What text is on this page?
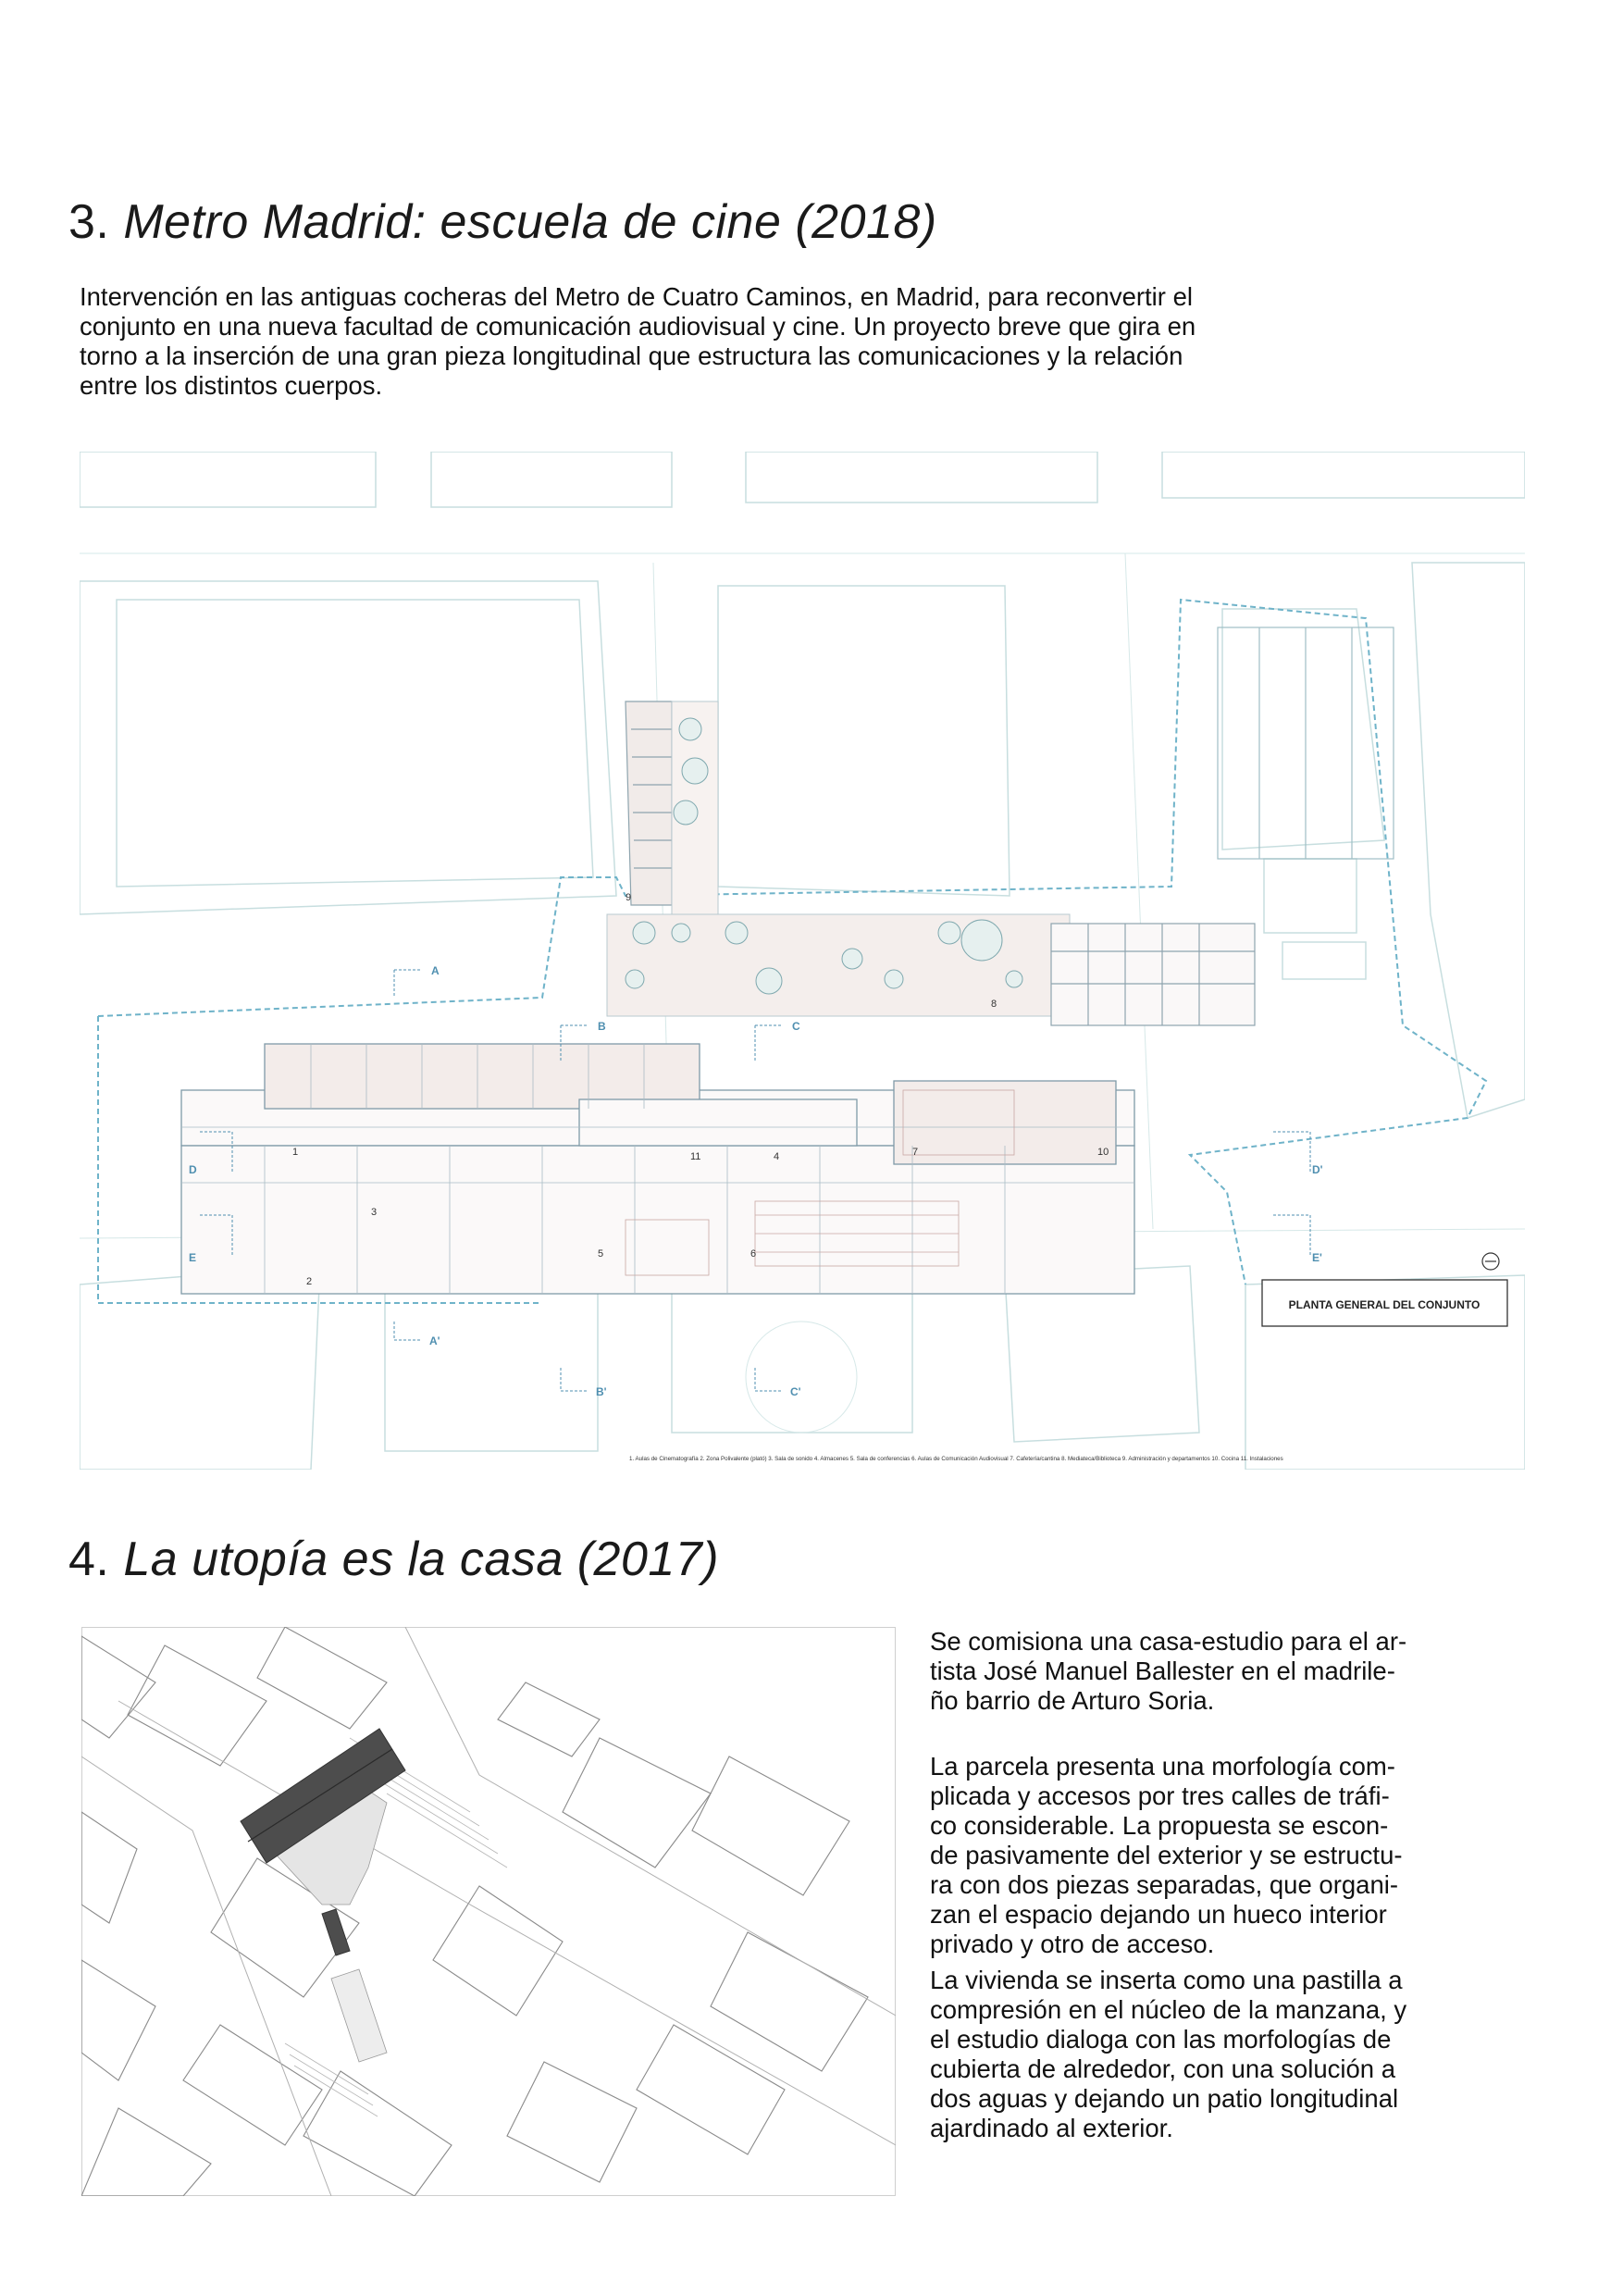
3. Metro Madrid: escuela de cine (2018)
Intervención en las antiguas cocheras del Metro de Cuatro Caminos, en Madrid, para reconvertir el
conjunto en una nueva facultad de comunicación audiovisual y cine. Un proyecto breve que gira en
torno a la inserción de una gran pieza longitudinal que estructura las comunicaciones y la relación
entre los distintos cuerpos.
1
2
3
4
5	6
7
8
9
10
11
A
B	C
D
E
A'
B'	C'
D'
E'
PLANTA GENERAL DEL CONJUNTO
1. Aulas de Cinematografía 2. Zona Polivalente (plató) 3. Sala de sonido 4. Almacenes 5. Sala de conferencias 6. Aulas de Comunicación Audiovisual 7. Cafetería/cantina 8. Mediateca/Biblioteca 9. Administración y departamentos 10. Cocina 11. Instalaciones
4. La utopía es la casa (2017)
Se comisiona una casa-estudio para el ar-
tista José Manuel Ballester en el madrile-
ño barrio de Arturo Soria.
La parcela presenta una morfología com-
plicada y accesos por tres calles de tráfi-
co considerable. La propuesta se escon-
de pasivamente del exterior y se estructu-
ra con dos piezas separadas, que organi-
zan el espacio dejando un hueco interior
privado y otro de acceso.
La vivienda se inserta como una pastilla a
compresión en el núcleo de la manzana, y
el estudio dialoga con las morfologías de
cubierta de alrededor, con una solución a
dos aguas y dejando un patio longitudinal
ajardinado al exterior.
